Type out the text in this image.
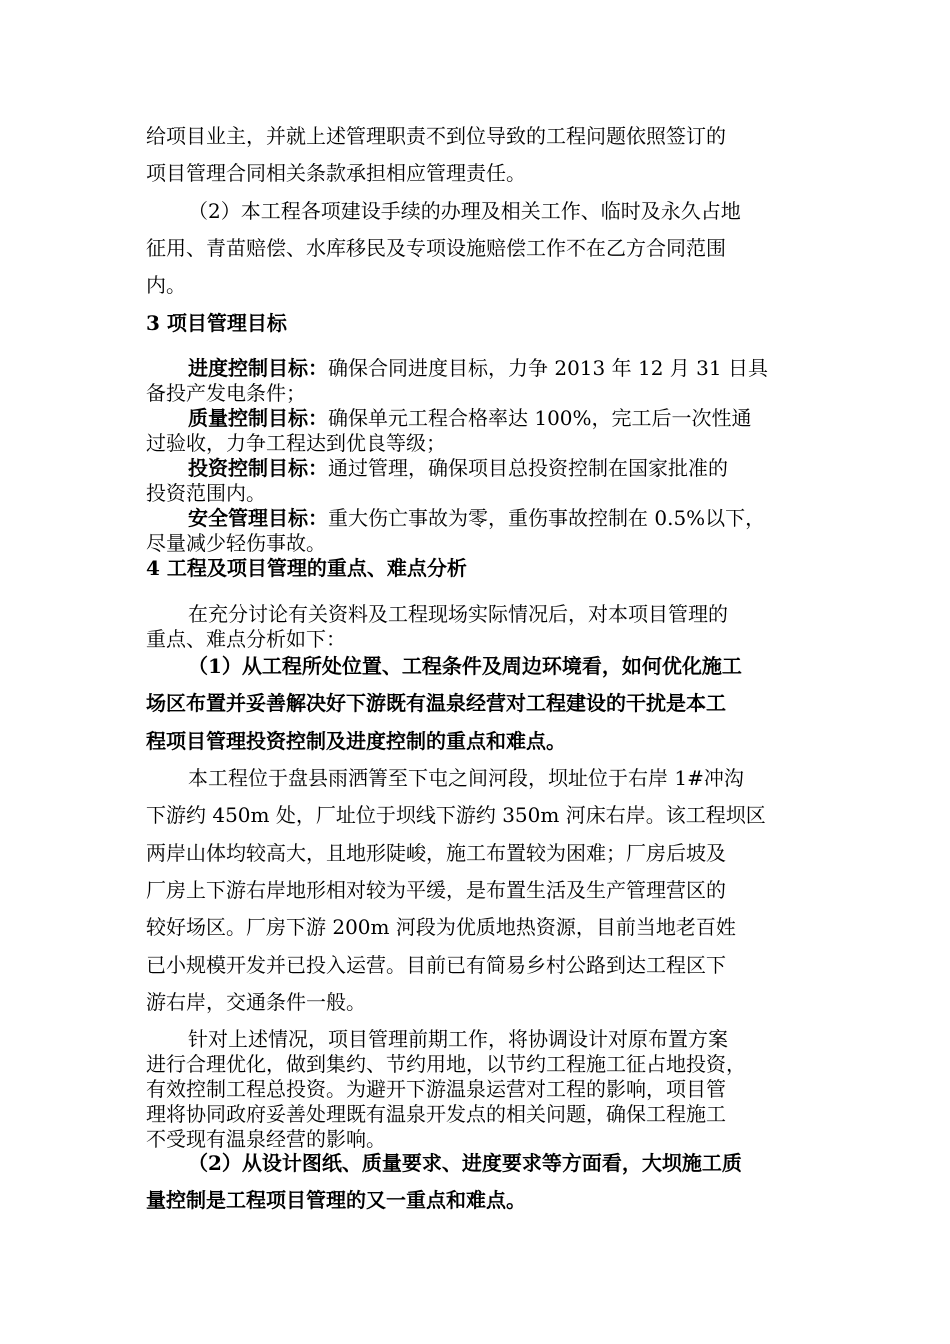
给项目业主，并就上述管理职责不到位导致的工程问题依照签订的

项目管理合同相关条款承担相应管理责任。

（2）本工程各项建设手续的办理及相关工作、临时及永久占地

征用、青苗赔偿、水库移民及专项设施赔偿工作不在乙方合同范围

内。

3 项目管理目标

进度控制目标：确保合同进度目标，力争 2013 年 12 月 31 日具

备投产发电条件；

质量控制目标：确保单元工程合格率达 100%，完工后一次性通

过验收，力争工程达到优良等级；

投资控制目标：通过管理，确保项目总投资控制在国家批准的

投资范围内。

安全管理目标：重大伤亡事故为零，重伤事故控制在 0.5%以下，

尽量减少轻伤事故。

4 工程及项目管理的重点、难点分析

在充分讨论有关资料及工程现场实际情况后，对本项目管理的

重点、难点分析如下：

（1）从工程所处位置、工程条件及周边环境看，如何优化施工

场区布置并妥善解决好下游既有温泉经营对工程建设的干扰是本工

程项目管理投资控制及进度控制的重点和难点。

本工程位于盘县雨洒箐至下屯之间河段，坝址位于右岸 1#冲沟

下游约 450m 处，厂址位于坝线下游约 350m 河床右岸。该工程坝区

两岸山体均较高大，且地形陡峻，施工布置较为困难；厂房后坡及

厂房上下游右岸地形相对较为平缓，是布置生活及生产管理营区的

较好场区。厂房下游 200m 河段为优质地热资源，目前当地老百姓

已小规模开发并已投入运营。目前已有简易乡村公路到达工程区下

游右岸，交通条件一般。

针对上述情况，项目管理前期工作，将协调设计对原布置方案

进行合理优化，做到集约、节约用地，以节约工程施工征占地投资，

有效控制工程总投资。为避开下游温泉运营对工程的影响，项目管

理将协同政府妥善处理既有温泉开发点的相关问题，确保工程施工

不受现有温泉经营的影响。

（2）从设计图纸、质量要求、进度要求等方面看，大坝施工质

量控制是工程项目管理的又一重点和难点。
